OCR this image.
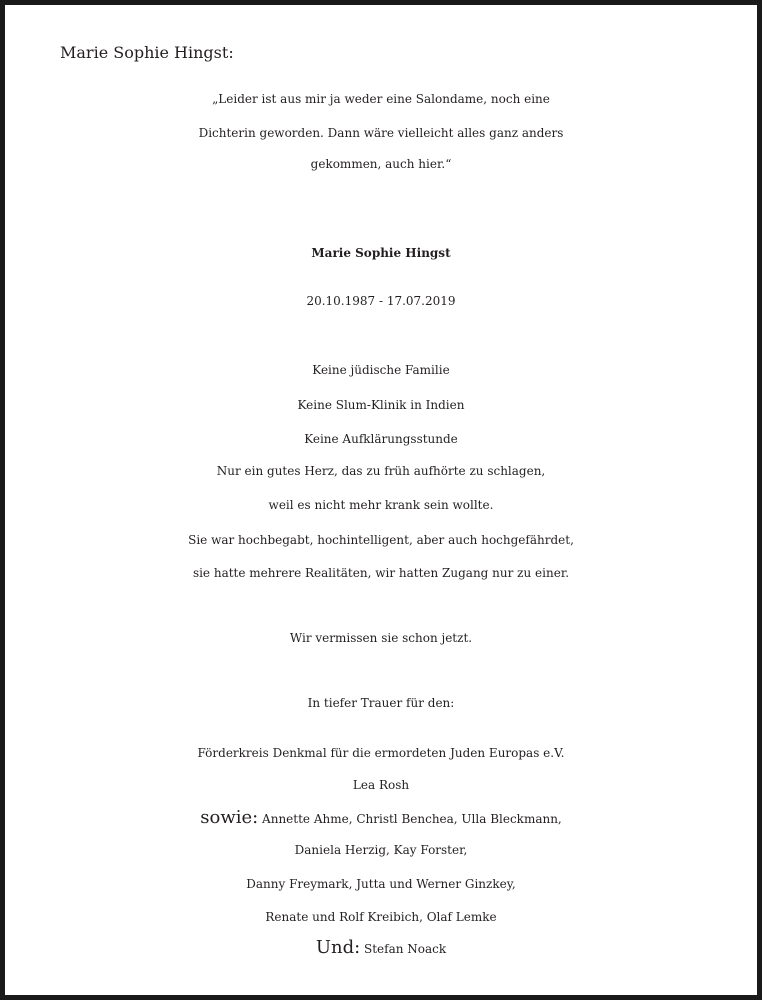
Marie Sophie Hingst:
„Leider ist aus mir ja weder eine Salondame, noch eine
Dichterin geworden. Dann wäre vielleicht alles ganz anders
gekommen, auch hier.“
Marie Sophie Hingst
20.10.1987 - 17.07.2019
Keine jüdische Familie
Keine Slum-Klinik in Indien
Keine Aufklärungsstunde
Nur ein gutes Herz, das zu früh aufhörte zu schlagen,
weil es nicht mehr krank sein wollte.
Sie war hochbegabt, hochintelligent, aber auch hochgefährdet,
sie hatte mehrere Realitäten, wir hatten Zugang nur zu einer.
Wir vermissen sie schon jetzt.
In tiefer Trauer für den:
Förderkreis Denkmal für die ermordeten Juden Europas e.V.
Lea Rosh
sowie: Annette Ahme, Christl Benchea, Ulla Bleckmann,
Daniela Herzig, Kay Forster,
Danny Freymark, Jutta und Werner Ginzkey,
Renate und Rolf Kreibich, Olaf Lemke
Und: Stefan Noack
